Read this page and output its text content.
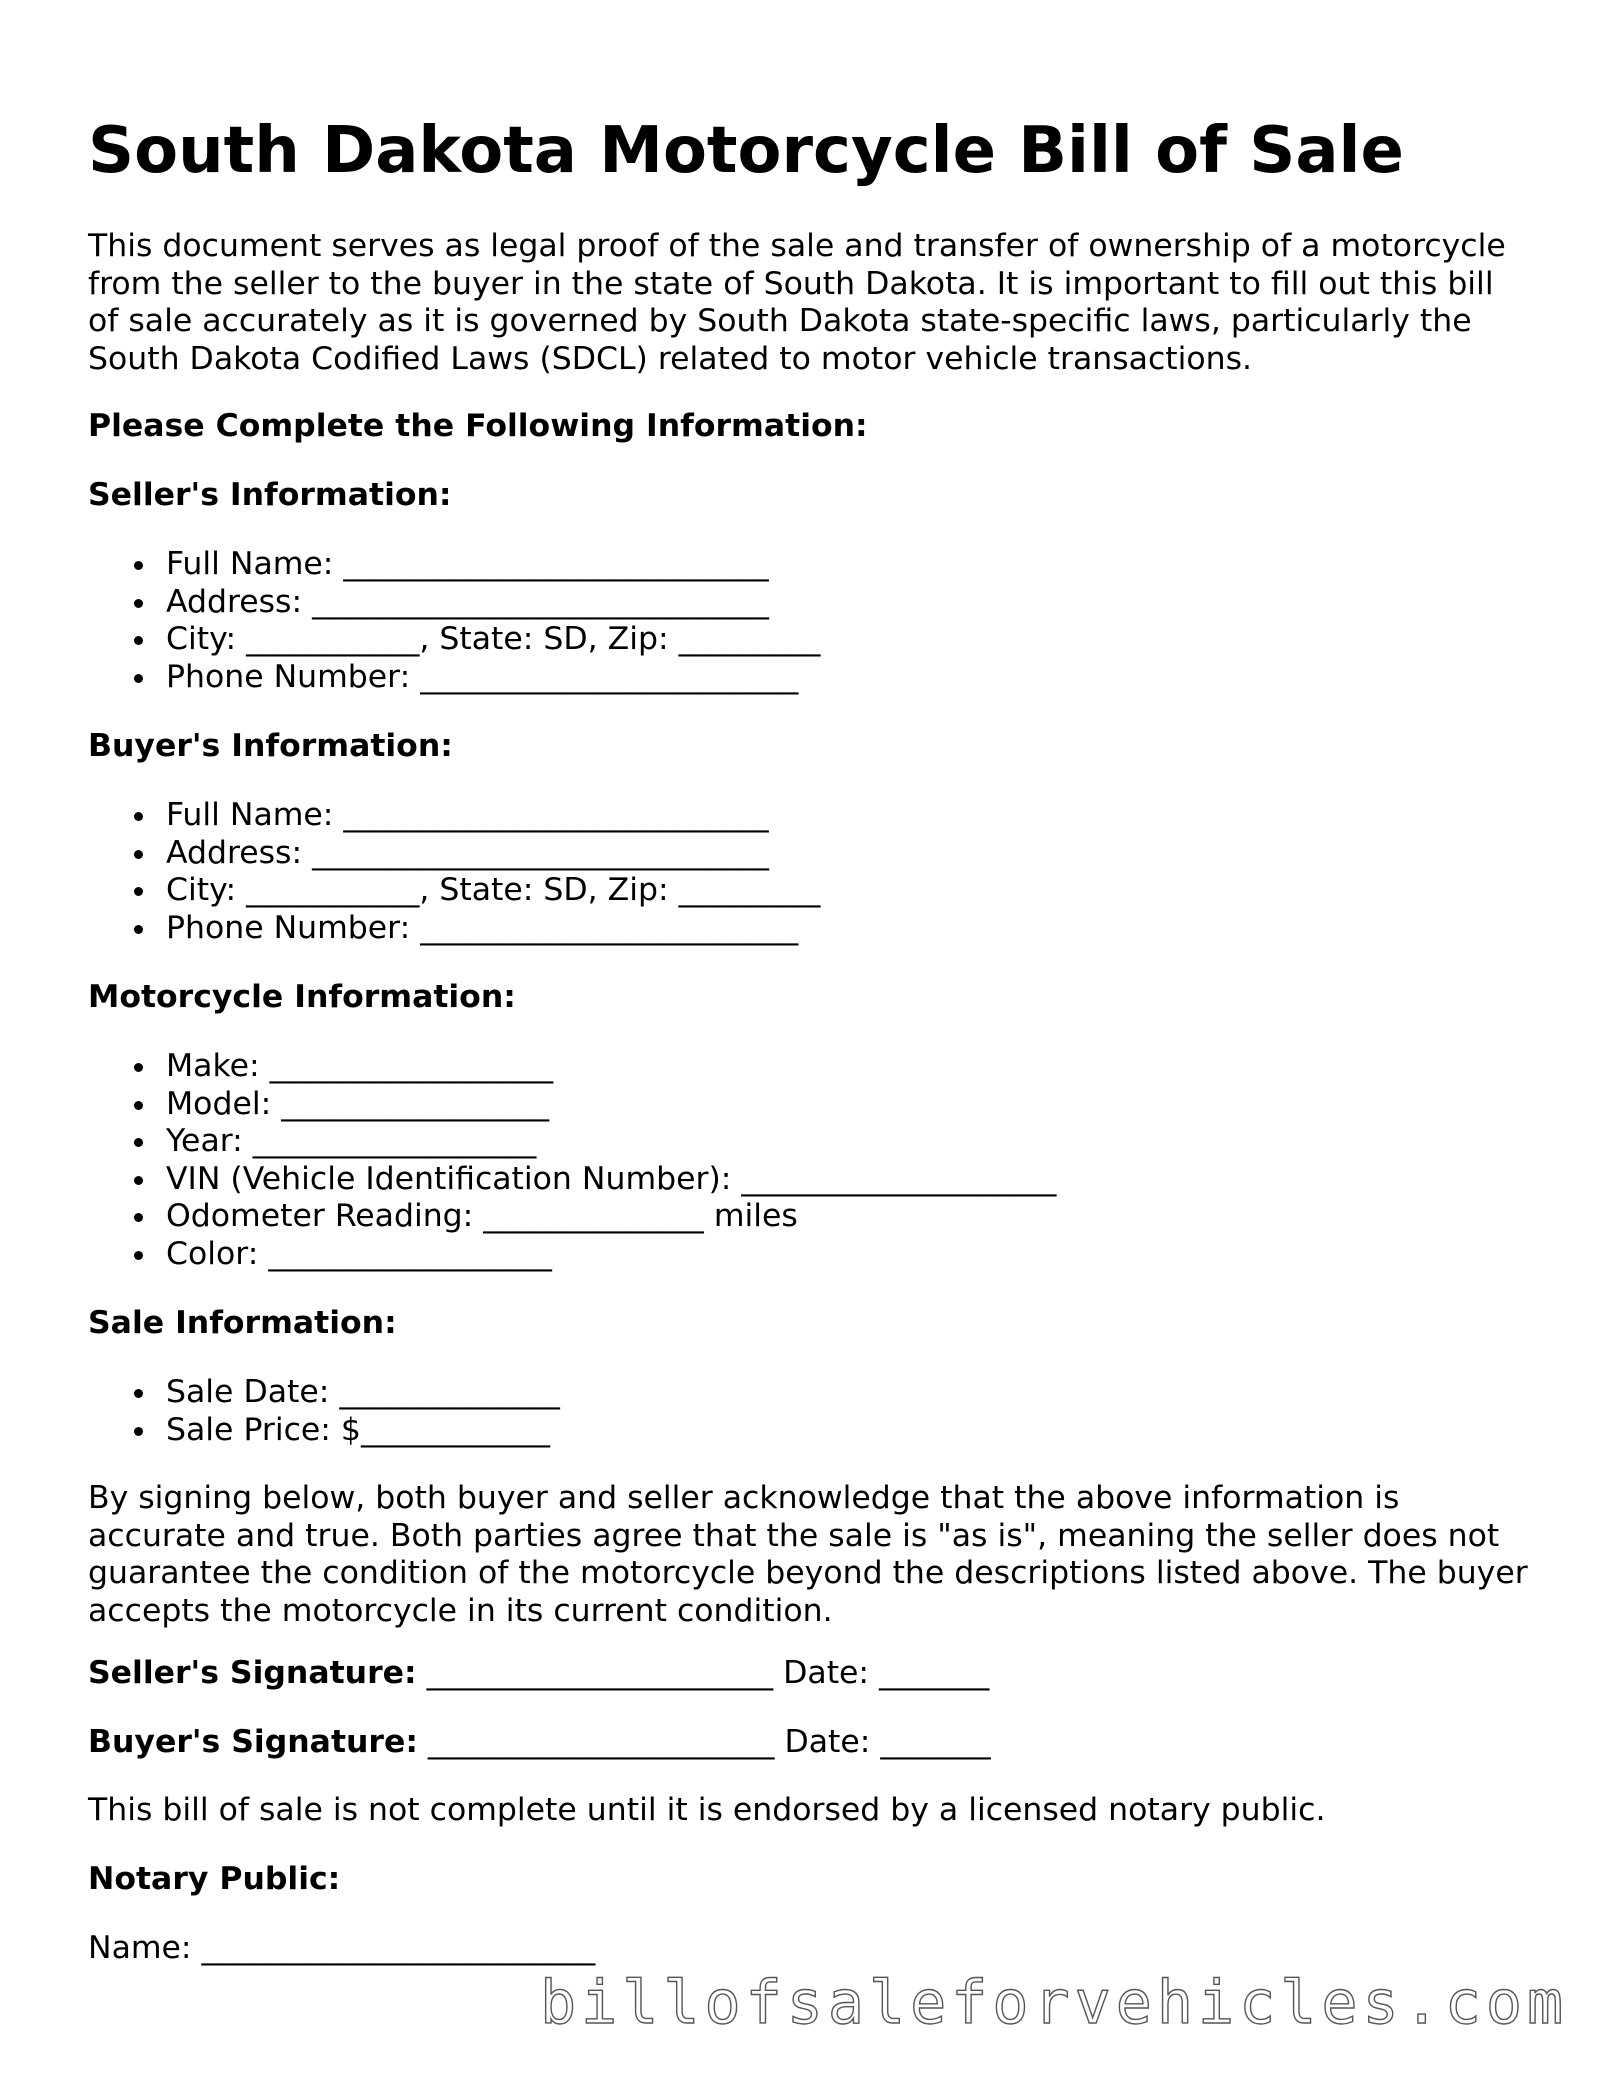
South Dakota Motorcycle Bill of Sale

This document serves as legal proof of the sale and transfer of ownership of a motorcycle from the seller to the buyer in the state of South Dakota. It is important to fill out this bill of sale accurately as it is governed by South Dakota state-specific laws, particularly the South Dakota Codified Laws (SDCL) related to motor vehicle transactions.

Please Complete the Following Information:

Seller's Information:

Full Name: ___________________________
Address: _____________________________
City: ___________, State: SD, Zip: _________
Phone Number: ________________________

Buyer's Information:

Full Name: ___________________________
Address: _____________________________
City: ___________, State: SD, Zip: _________
Phone Number: ________________________

Motorcycle Information:

Make: __________________
Model: _________________
Year: __________________
VIN (Vehicle Identification Number): ____________________
Odometer Reading: ______________ miles
Color: __________________

Sale Information:

Sale Date: ______________
Sale Price: $____________

By signing below, both buyer and seller acknowledge that the above information is accurate and true. Both parties agree that the sale is "as is", meaning the seller does not guarantee the condition of the motorcycle beyond the descriptions listed above. The buyer accepts the motorcycle in its current condition.

Seller's Signature: ______________________ Date: _______

Buyer's Signature: ______________________ Date: _______

This bill of sale is not complete until it is endorsed by a licensed notary public.

Notary Public:

Name: _________________________

billofsaleforvehicles.com
